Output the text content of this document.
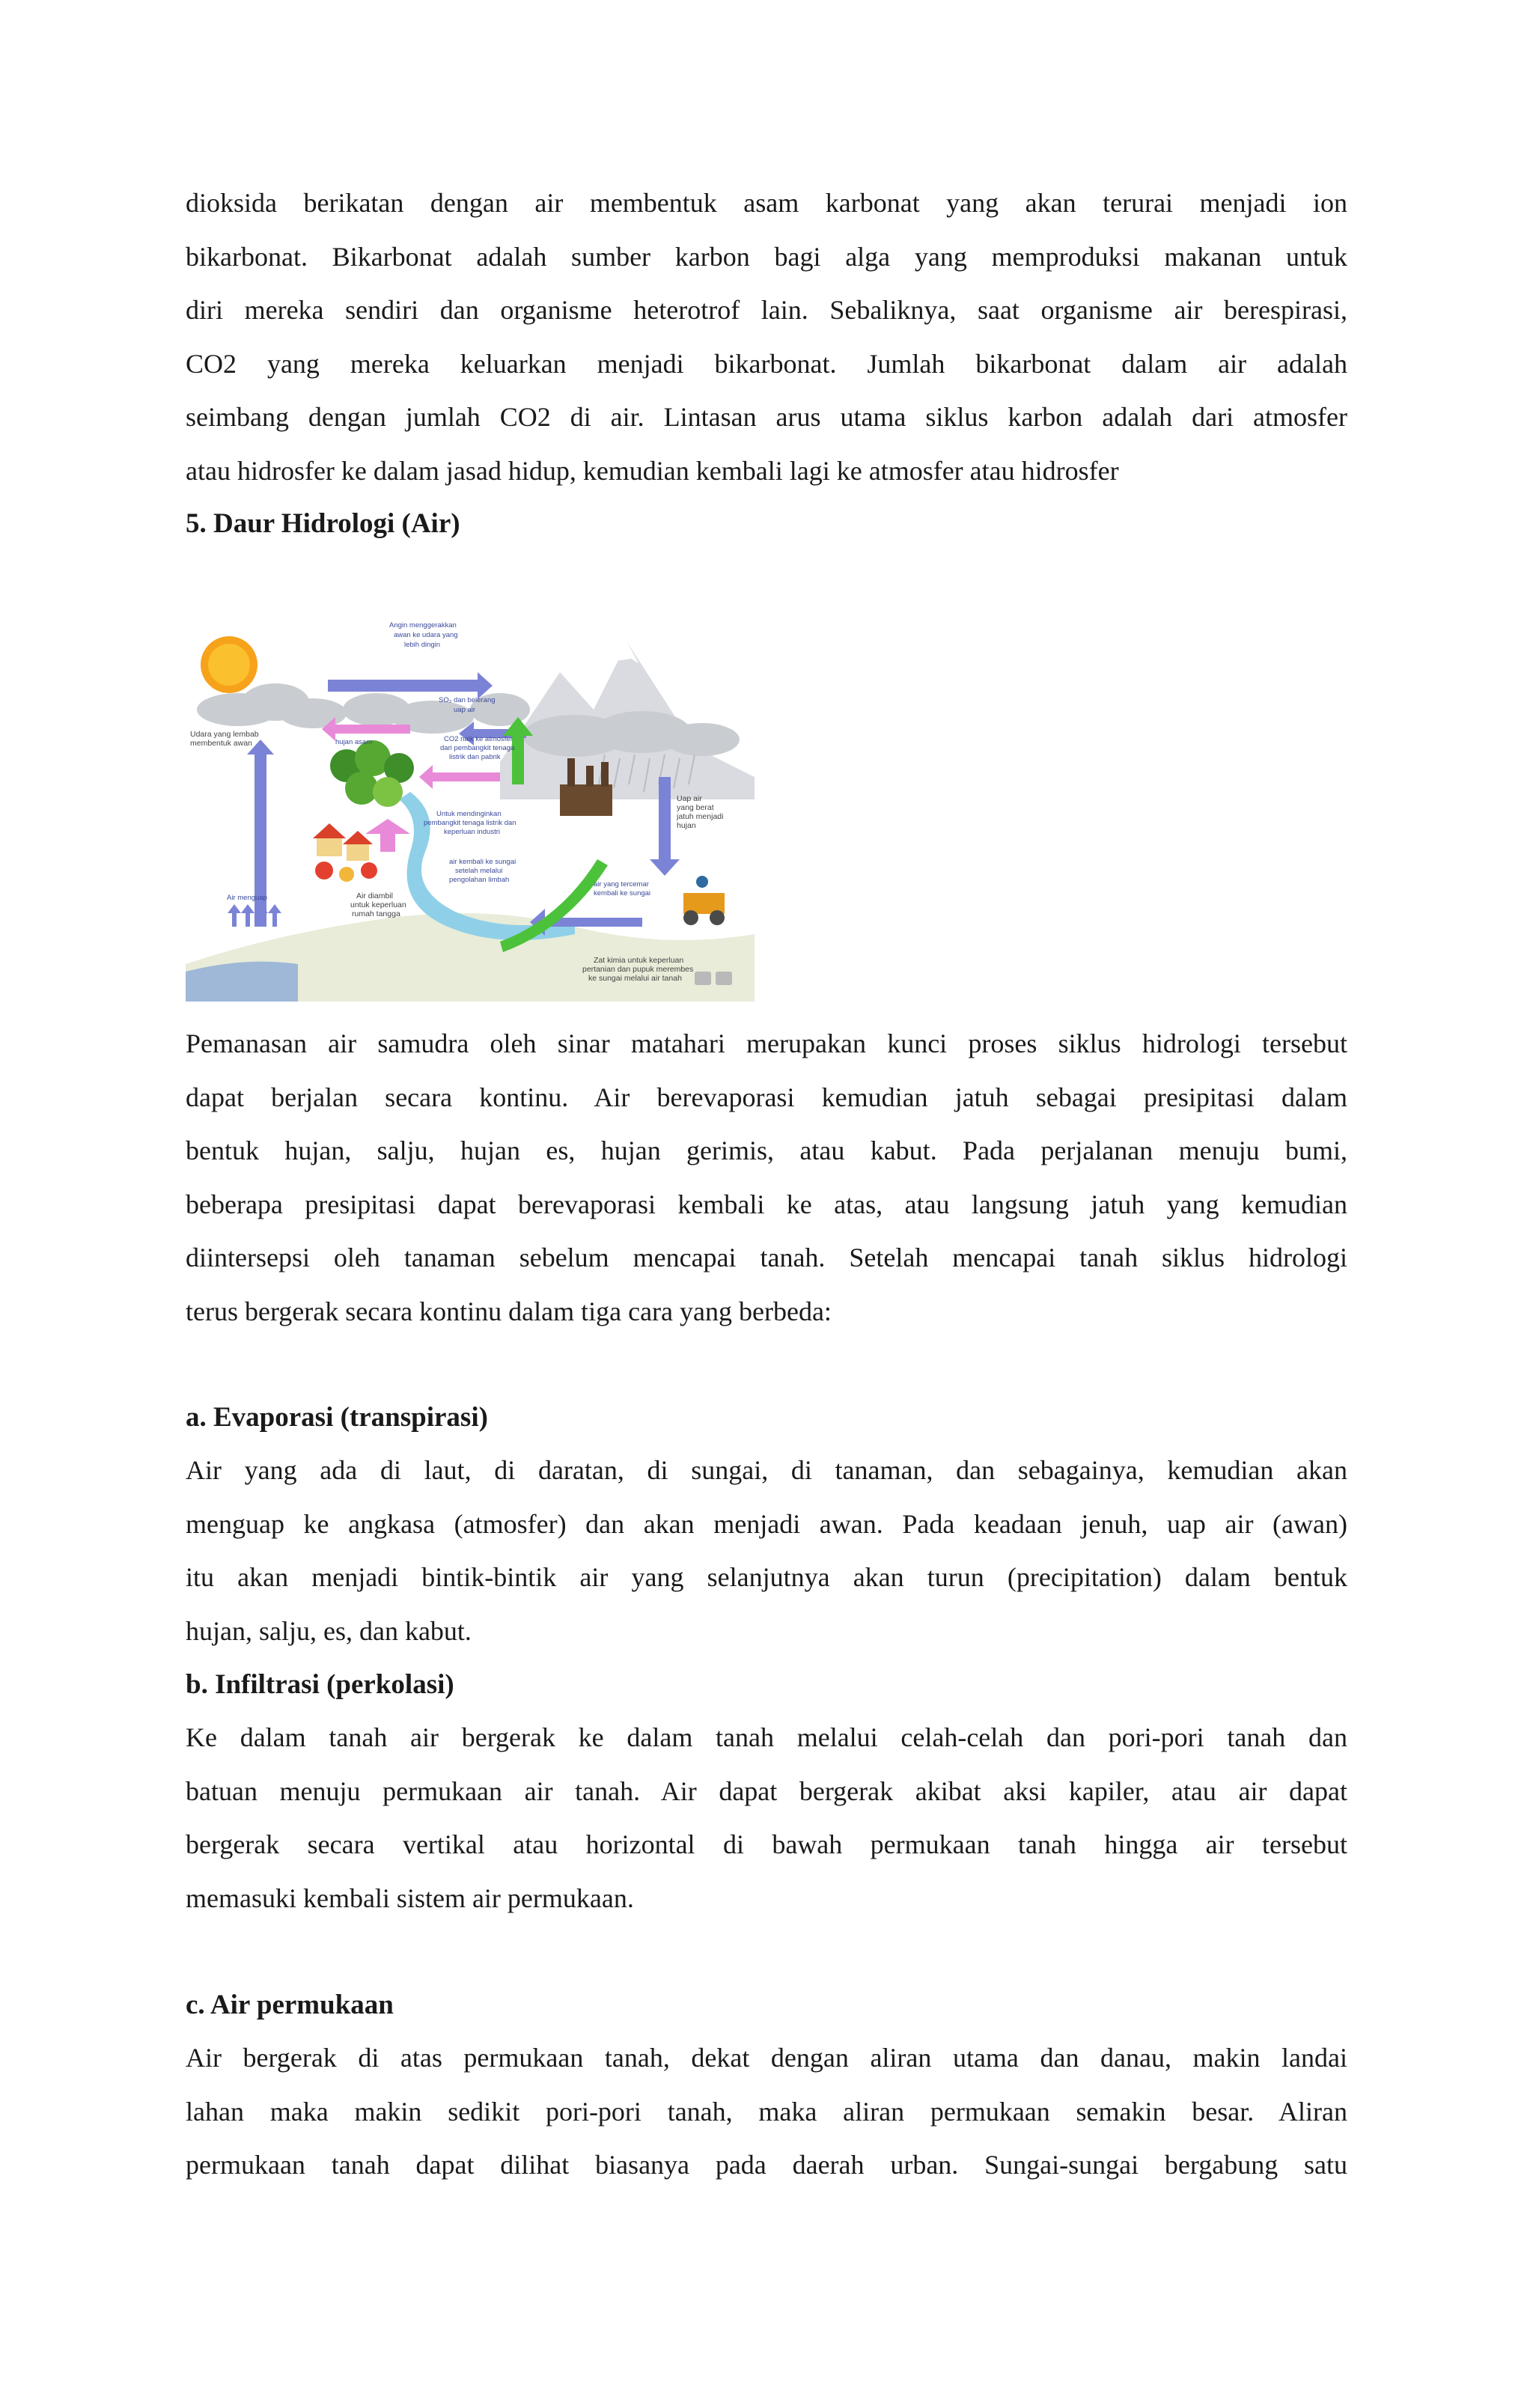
dioksida berikatan dengan air membentuk asam karbonat yang akan terurai menjadi ion
bikarbonat. Bikarbonat adalah sumber karbon bagi alga yang memproduksi makanan untuk
diri mereka sendiri dan organisme heterotrof lain. Sebaliknya, saat organisme air berespirasi,
CO2 yang mereka keluarkan menjadi bikarbonat. Jumlah bikarbonat dalam air adalah
seimbang dengan jumlah CO2 di air. Lintasan arus utama siklus karbon adalah dari atmosfer
atau hidrosfer ke dalam jasad hidup, kemudian kembali lagi ke atmosfer atau hidrosfer
5. Daur Hidrologi (Air)
Angin menggerakkan awan ke udara yang lebih dingin
SO₂ dan belerang uap air
Udara yang lembab membentuk awan	hujan asam	CO2 naik ke atmosfer dari pembangkit tenaga listrik dan pabrik
Uap air yang berat jatuh menjadi hujan
Untuk mendinginkan pembangkit tenaga listrik dan keperluan industri
air kembali ke sungai setelah melalui pengolahan limbah
Air menguap	Air diambil untuk keperluan rumah tangga
air yang tercemar kembali ke sungai
Zat kimia untuk keperluan pertanian dan pupuk merembes ke sungai melalui air tanah
Pemanasan air samudra oleh sinar matahari merupakan kunci proses siklus hidrologi tersebut
dapat berjalan secara kontinu. Air berevaporasi kemudian jatuh sebagai presipitasi dalam
bentuk hujan, salju, hujan es, hujan gerimis, atau kabut. Pada perjalanan menuju bumi,
beberapa presipitasi dapat berevaporasi kembali ke atas, atau langsung jatuh yang kemudian
diintersepsi oleh tanaman sebelum mencapai tanah. Setelah mencapai tanah siklus hidrologi
terus bergerak secara kontinu dalam tiga cara yang berbeda:
a. Evaporasi (transpirasi)
Air yang ada di laut, di daratan, di sungai, di tanaman, dan sebagainya, kemudian akan
menguap ke angkasa (atmosfer) dan akan menjadi awan. Pada keadaan jenuh, uap air (awan)
itu akan menjadi bintik-bintik air yang selanjutnya akan turun (precipitation) dalam bentuk
hujan, salju, es, dan kabut.
b. Infiltrasi (perkolasi)
Ke dalam tanah air bergerak ke dalam tanah melalui celah-celah dan pori-pori tanah dan
batuan menuju permukaan air tanah. Air dapat bergerak akibat aksi kapiler, atau air dapat
bergerak secara vertikal atau horizontal di bawah permukaan tanah hingga air tersebut
memasuki kembali sistem air permukaan.
c. Air permukaan
Air bergerak di atas permukaan tanah, dekat dengan aliran utama dan danau, makin landai
lahan maka makin sedikit pori-pori tanah, maka aliran permukaan semakin besar. Aliran
permukaan tanah dapat dilihat biasanya pada daerah urban. Sungai-sungai bergabung satu
